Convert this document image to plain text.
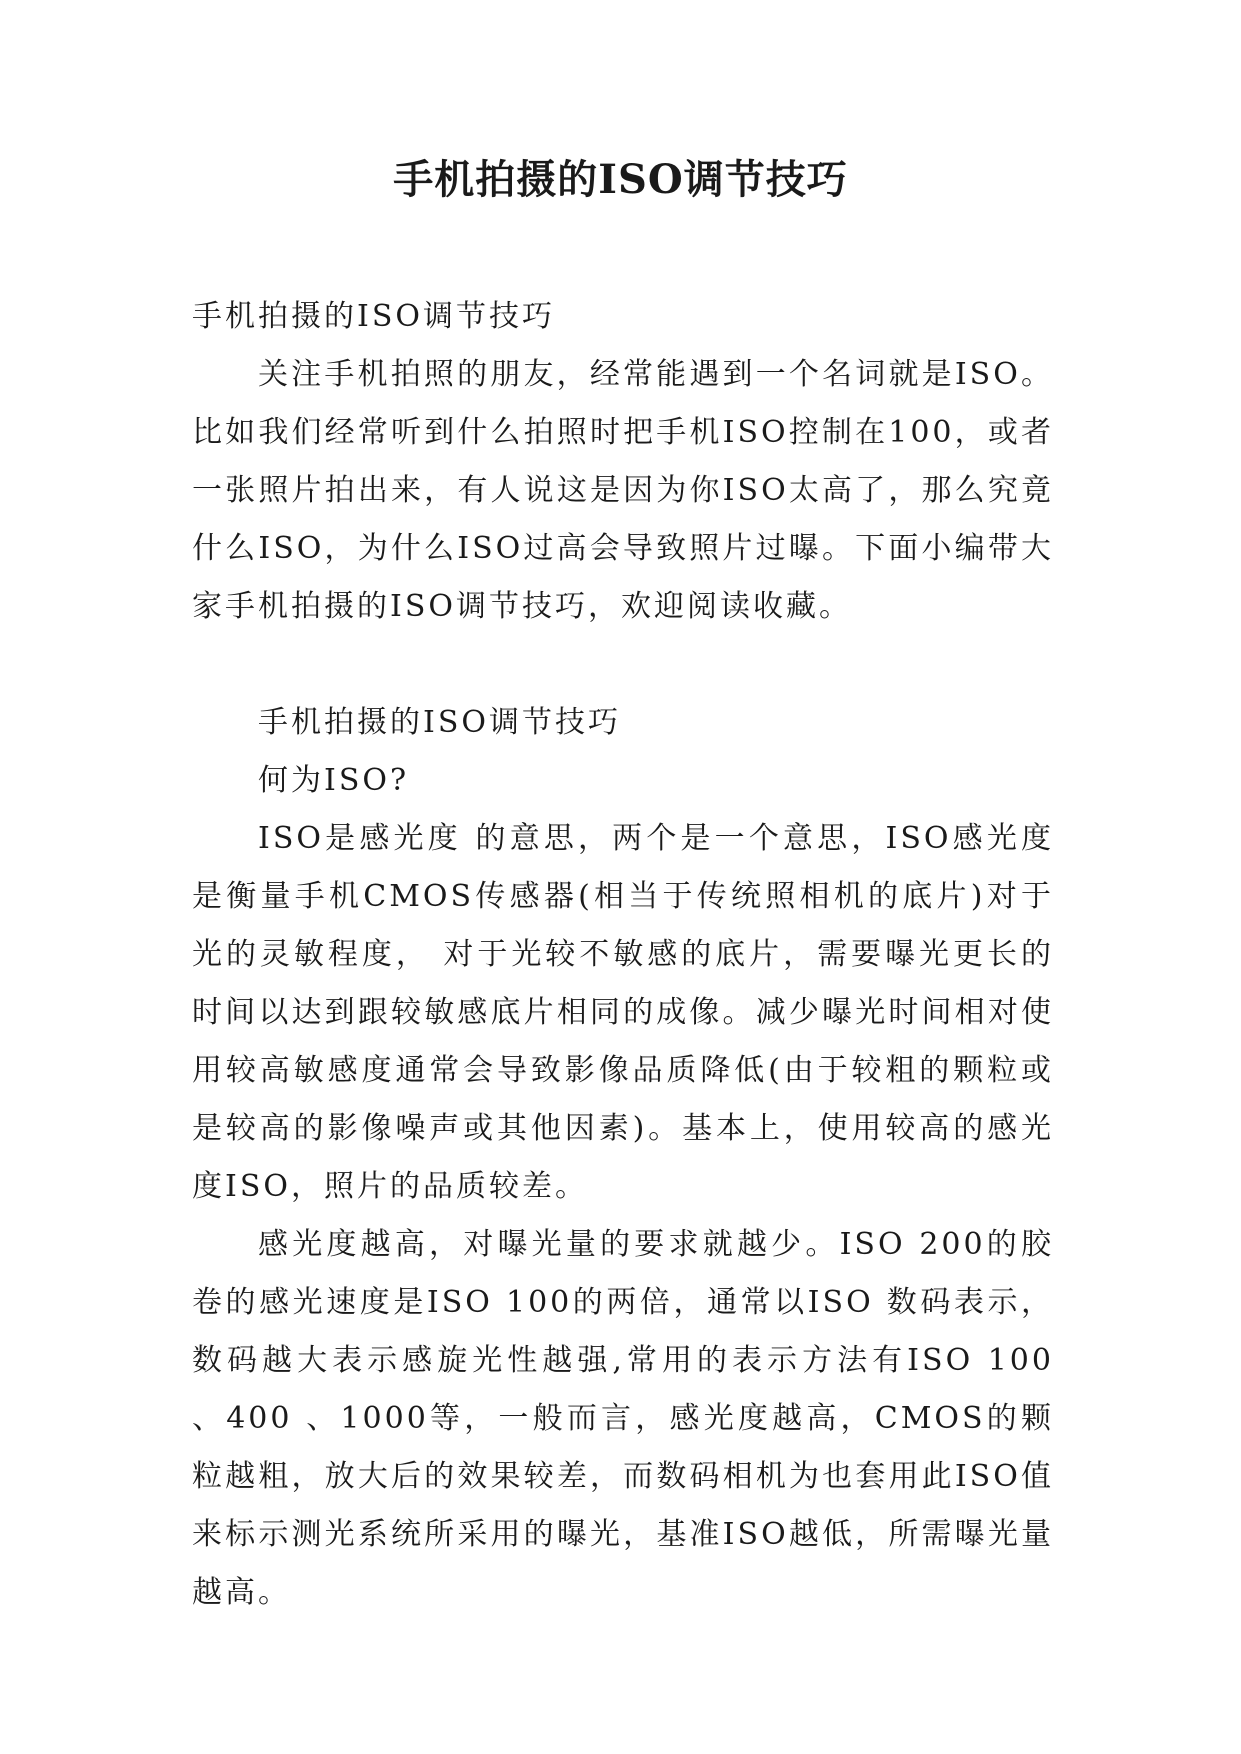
手机拍摄的ISO调节技巧

手机拍摄的ISO调节技巧

关注手机拍照的朋友，经常能遇到一个名词就是ISO。比如我们经常听到什么拍照时把手机ISO控制在100，或者一张照片拍出来，有人说这是因为你ISO太高了，那么究竟什么ISO，为什么ISO过高会导致照片过曝。下面小编带大家手机拍摄的ISO调节技巧，欢迎阅读收藏。

手机拍摄的ISO调节技巧

何为ISO?

ISO是感光度 的意思，两个是一个意思，ISO感光度是衡量手机CMOS传感器(相当于传统照相机的底片)对于光的灵敏程度， 对于光较不敏感的底片，需要曝光更长的时间以达到跟较敏感底片相同的成像。减少曝光时间相对使用较高敏感度通常会导致影像品质降低(由于较粗的颗粒或是较高的影像噪声或其他因素)。基本上，使用较高的感光度ISO，照片的品质较差。

感光度越高，对曝光量的要求就越少。ISO 200的胶卷的感光速度是ISO 100的两倍，通常以ISO 数码表示，数码越大表示感旋光性越强,常用的表示方法有ISO 100 、400 、1000等，一般而言，感光度越高，CMOS的颗粒越粗，放大后的效果较差，而数码相机为也套用此ISO值来标示测光系统所采用的曝光，基准ISO越低，所需曝光量越高。
